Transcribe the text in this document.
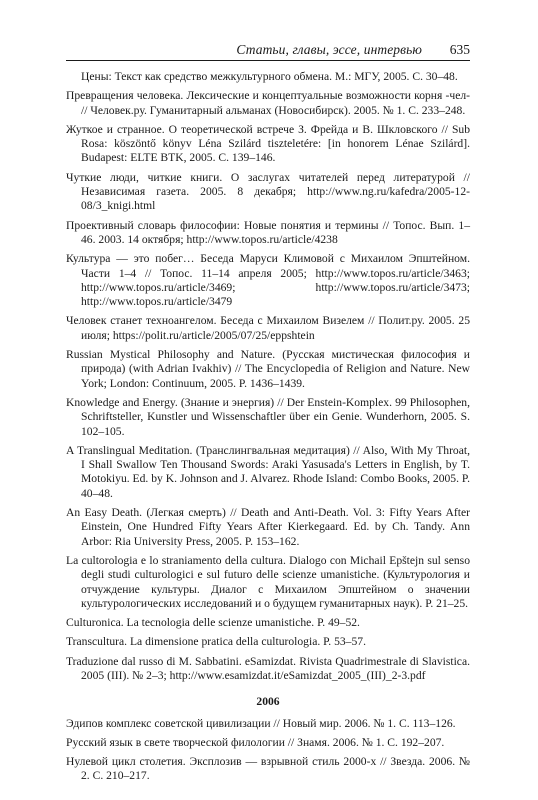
Статьи, главы, эссе, интервью 635
Цены: Текст как средство межкультурного обмена. М.: МГУ, 2005. С. 30–48.
Превращения человека. Лексические и концептуальные возможности корня -чел- // Человек.ру. Гуманитарный альманах (Новосибирск). 2005. № 1. С. 233–248.
Жуткое и странное. О теоретической встрече З. Фрейда и В. Шкловского // Sub Rosa: köszöntő könyv Léna Szilárd tiszteletére: [in honorem Lénae Szilárd]. Budapest: ELTE BTK, 2005. С. 139–146.
Чуткие люди, читкие книги. О заслугах читателей перед литературой // Независимая газета. 2005. 8 декабря; http://www.ng.ru/kafedra/2005-12-08/3_knigi.html
Проективный словарь философии: Новые понятия и термины // Топос. Вып. 1–46. 2003. 14 октября; http://www.topos.ru/article/4238
Культура — это побег… Беседа Маруси Климовой с Михаилом Эпштейном. Части 1–4 // Топос. 11–14 апреля 2005; http://www.topos.ru/article/3463; http://www.topos.ru/article/3469; http://www.topos.ru/article/3473; http://www.topos.ru/article/3479
Человек станет техноангелом. Беседа с Михаилом Визелем // Полит.ру. 2005. 25 июля; https://polit.ru/article/2005/07/25/eppshtein
Russian Mystical Philosophy and Nature. (Русская мистическая философия и природа) (with Adrian Ivakhiv) // The Encyclopedia of Religion and Nature. New York; London: Continuum, 2005. P. 1436–1439.
Knowledge and Energy. (Знание и энергия) // Der Enstein-Komplex. 99 Philosophen, Schriftsteller, Kunstler und Wissenschaftler über ein Genie. Wunderhorn, 2005. S. 102–105.
A Translingual Meditation. (Транслингвальная медитация) // Also, With My Throat, I Shall Swallow Ten Thousand Swords: Araki Yasusada's Letters in English, by T. Motokiyu. Ed. by K. Johnson and J. Alvarez. Rhode Island: Combo Books, 2005. P. 40–48.
An Easy Death. (Легкая смерть) // Death and Anti-Death. Vol. 3: Fifty Years After Einstein, One Hundred Fifty Years After Kierkegaard. Ed. by Ch. Tandy. Ann Arbor: Ria University Press, 2005. P. 153–162.
La cultorologia e lo straniamento della cultura. Dialogo con Michail Epštejn sul senso degli studi culturologici e sul futuro delle scienze umanistiche. (Культурология и отчуждение культуры. Диалог с Михаилом Эпштейном о значении культурологических исследований и о будущем гуманитарных наук). P. 21–25.
Culturonica. La tecnologia delle scienze umanistiche. P. 49–52.
Transcultura. La dimensione pratica della culturologia. P. 53–57.
Traduzione dal russo di M. Sabbatini. eSamizdat. Rivista Quadrimestrale di Slavistica. 2005 (III). № 2–3; http://www.esamizdat.it/eSamizdat_2005_(III)_2-3.pdf
2006
Эдипов комплекс советской цивилизации // Новый мир. 2006. № 1. С. 113–126.
Русский язык в свете творческой филологии // Знамя. 2006. № 1. С. 192–207.
Нулевой цикл столетия. Эксплозив — взрывной стиль 2000-х // Звезда. 2006. № 2. С. 210–217.
